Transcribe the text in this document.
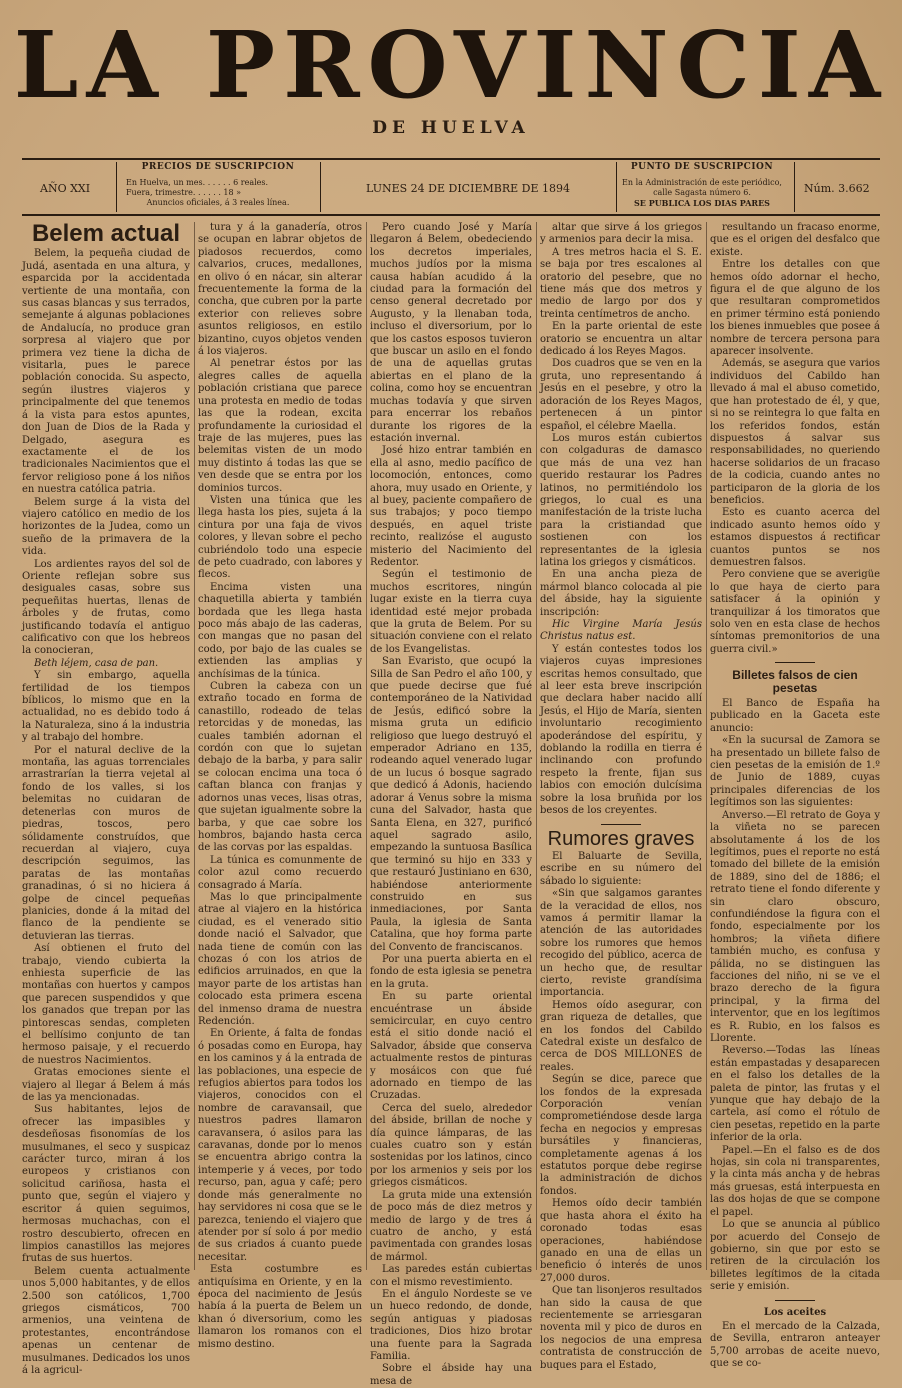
LA PROVINCIA
DE HUELVA
AÑO XXI
PRECIOS DE SUSCRIPCION
En Huelva, un mes. . . . . . 6 reales.
Fuera, trimestre. . . . . . 18 »
Anuncios oficiales, á 3 reales línea.
LUNES 24 DE DICIEMBRE DE 1894
PUNTO DE SUSCRIPCION
En la Administración de este periódico,
calle Sagasta número 6.
SE PUBLICA LOS DIAS PARES
Núm. 3.662
Belem actual

Belem, la pequeña ciudad de Judá, asentada en una altura, y esparcida por la accidentada vertiente de una montaña, con sus casas blancas y sus terrados, semejante á algunas poblaciones de Andalucía, no produce gran sorpresa al viajero que por primera vez tiene la dicha de visitarla, pues le parece población conocida. Su aspecto, según ilustres viajeros y principalmente del que tenemos á la vista para estos apuntes, don Juan de Dios de la Rada y Delgado, asegura es exactamente el de los tradicionales Nacimientos que el fervor religioso pone á los niños en nuestra católica patria.

Belem surge á la vista del viajero católico en medio de los horizontes de la Judea, como un sueño de la primavera de la vida.

Los ardientes rayos del sol de Oriente reflejan sobre sus desiguales casas, sobre sus pequeñitas huertas, llenas de árboles y de frutas, como justificando todavía el antiguo calificativo con que los hebreos la conocieran,

Beth léjem, casa de pan.

Y sin embargo, aquella fertilidad de los tiempos bíblicos, lo mismo que en la actualidad, no es debido todo á la Naturaleza, sino á la industria y al trabajo del hombre.

Por el natural declive de la montaña, las aguas torrenciales arrastrarían la tierra vejetal al fondo de los valles, si los belemitas no cuidaran de detenerlas con muros de piedras, toscos, pero sólidamente construídos, que recuerdan al viajero, cuya descripción seguimos, las paratas de las montañas granadinas, ó si no hiciera á golpe de cincel pequeñas planicies, donde á la mitad del flanco de la pendiente se detuvieran las tierras.

Así obtienen el fruto del trabajo, viendo cubierta la enhiesta superficie de las montañas con huertos y campos que parecen suspendidos y que los ganados que trepan por las pintorescas sendas, completen el bellísimo conjunto de tan hermoso paisaje, y el recuerdo de nuestros Nacimientos.

Gratas emociones siente el viajero al llegar á Belem á más de las ya mencionadas.

Sus habitantes, lejos de ofrecer las impasibles y desdeñosas fisonomías de los musulmanes, el seco y suspicaz carácter turco, miran á los europeos y cristianos con solicitud cariñosa, hasta el punto que, según el viajero y escritor á quien seguimos, hermosas muchachas, con el rostro descubierto, ofrecen en limpios canastillos las mejores frutas de sus huertos.

Belem cuenta actualmente unos 5,000 habitantes, y de ellos 2.500 son católicos, 1,700 griegos cismáticos, 700 armenios, una veintena de protestantes, encontrándose apenas un centenar de musulmanes. Dedicados los unos á la agricul-

tura y á la ganadería, otros se ocupan en labrar objetos de piadosos recuerdos, como calvarios, cruces, medallones, en olivo ó en nácar, sin alterar frecuentemente la forma de la concha, que cubren por la parte exterior con relieves sobre asuntos religiosos, en estilo bizantino, cuyos objetos venden á los viajeros.

Al penetrar éstos por las alegres calles de aquella población cristiana que parece una protesta en medio de todas las que la rodean, excita profundamente la curiosidad el traje de las mujeres, pues las belemitas visten de un modo muy distinto á todas las que se ven desde que se entra por los dominios turcos.

Visten una túnica que les llega hasta los pies, sujeta á la cintura por una faja de vivos colores, y llevan sobre el pecho cubriéndolo todo una especie de peto cuadrado, con labores y flecos.

Encima visten una chaquetilla abierta y también bordada que les llega hasta poco más abajo de las caderas, con mangas que no pasan del codo, por bajo de las cuales se extienden las amplias y anchísimas de la túnica.

Cubren la cabeza con un extraño tocado en forma de canastillo, rodeado de telas retorcidas y de monedas, las cuales también adornan el cordón con que lo sujetan debajo de la barba, y para salir se colocan encima una toca ó caftan blanca con franjas y adornos unas veces, lisas otras, que sujetan igualmente sobre la barba, y que cae sobre los hombros, bajando hasta cerca de las corvas por las espaldas.

La túnica es comunmente de color azul como recuerdo consagrado á María.

Mas lo que principalmente atrae al viajero en la histórica ciudad, es el venerado sitio donde nació el Salvador, que nada tiene de común con las chozas ó con los atrios de edificios arruinados, en que la mayor parte de los artistas han colocado esta primera escena del inmenso drama de nuestra Redención.

En Oriente, á falta de fondas ó posadas como en Europa, hay en los caminos y á la entrada de las poblaciones, una especie de refugios abiertos para todos los viajeros, conocidos con el nombre de caravansail, que nuestros padres llamaron caravansera, ó asilos para las caravanas, donde por lo menos se encuentra abrigo contra la intemperie y á veces, por todo recurso, pan, agua y café; pero donde más generalmente no hay servidores ni cosa que se le parezca, teniendo el viajero que atender por sí solo á por medio de sus criados á cuanto puede necesitar.

Esta costumbre es antiquísima en Oriente, y en la época del nacimiento de Jesús había á la puerta de Belem un khan ó diversorium, como les llamaron los romanos con el mismo destino.

Pero cuando José y María llegaron á Belem, obedeciendo los decretos imperiales, muchos judíos por la misma causa habían acudido á la ciudad para la formación del censo general decretado por Augusto, y la llenaban toda, incluso el diversorium, por lo que los castos esposos tuvieron que buscar un asilo en el fondo de una de aquellas grutas abiertas en el plano de la colina, como hoy se encuentran muchas todavía y que sirven para encerrar los rebaños durante los rigores de la estación invernal.

José hizo entrar también en ella al asno, medio pacífico de locomoción, entonces, como ahora, muy usado en Oriente, y al buey, paciente compañero de sus trabajos; y poco tiempo después, en aquel triste recinto, realizóse el augusto misterio del Nacimiento del Redentor.

Según el testimonio de muchos escritores, ningún lugar existe en la tierra cuya identidad esté mejor probada que la gruta de Belem. Por su situación conviene con el relato de los Evangelistas.

San Evaristo, que ocupó la Silla de San Pedro el año 100, y que puede decirse que fué contemporáneo de la Natividad de Jesús, edificó sobre la misma gruta un edificio religioso que luego destruyó el emperador Adriano en 135, rodeando aquel venerado lugar de un lucus ó bosque sagrado que dedicó á Adonis, haciendo adorar á Venus sobre la misma cuna del Salvador, hasta que Santa Elena, en 327, purificó aquel sagrado asilo, empezando la suntuosa Basílica que terminó su hijo en 333 y que restauró Justiniano en 630, habiéndose anteriormente construido en sus inmediaciones, por Santa Paula, la iglesia de Santa Catalina, que hoy forma parte del Convento de franciscanos.

Por una puerta abierta en el fondo de esta iglesia se penetra en la gruta.

En su parte oriental encuéntrase un ábside semicircular, en cuyo centro está el sitio donde nació el Salvador, ábside que conserva actualmente restos de pinturas y mosáicos con que fué adornado en tiempo de las Cruzadas.

Cerca del suelo, alrededor del ábside, brillan de noche y día quince lámparas, de las cuales cuatro son y están sostenidas por los latinos, cinco por los armenios y seis por los griegos cismáticos.

La gruta mide una extensión de poco más de diez metros y medio de largo y de tres á cuatro de ancho, y está pavimentada con grandes losas de mármol.

Las paredes están cubiertas con el mismo revestimiento.

En el ángulo Nordeste se ve un hueco redondo, de donde, según antiguas y piadosas tradiciones, Dios hizo brotar una fuente para la Sagrada Familia.

Sobre el ábside hay una mesa de

altar que sirve á los griegos y armenios para decir la misa.

A tres metros hacia el S. E. se baja por tres escalones al oratorio del pesebre, que no tiene más que dos metros y medio de largo por dos y treinta centímetros de ancho.

En la parte oriental de este oratorio se encuentra un altar dedicado á los Reyes Magos.

Dos cuadros que se ven en la gruta, uno representando á Jesús en el pesebre, y otro la adoración de los Reyes Magos, pertenecen á un pintor español, el célebre Maella.

Los muros están cubiertos con colgaduras de damasco que más de una vez han querido restaurar los Padres latinos, no permitiéndolo los griegos, lo cual es una manifestación de la triste lucha para la cristiandad que sostienen con los representantes de la iglesia latina los griegos y cismáticos.

En una ancha pieza de mármol blanco colocada al pie del ábside, hay la siguiente inscripción:

Hic Virgine María Jesús Christus natus est.

Y están contestes todos los viajeros cuyas impresiones escritas hemos consultado, que al leer esta breve inscripción que declara haber nacido allí Jesús, el Hijo de María, sienten involuntario recogimiento apoderándose del espíritu, y doblando la rodilla en tierra é inclinando con profundo respeto la frente, fijan sus labios con emoción dulcísima sobre la losa bruñida por los besos de los creyentes.

Rumores graves

El Baluarte de Sevilla, escribe en su número del sábado lo siguiente:

«Sin que salgamos garantes de la veracidad de ellos, nos vamos á permitir llamar la atención de las autoridades sobre los rumores que hemos recogido del público, acerca de un hecho que, de resultar cierto, reviste grandísima importancia.

Hemos oído asegurar, con gran riqueza de detalles, que en los fondos del Cabildo Catedral existe un desfalco de cerca de DOS MILLONES de reales.

Según se dice, parece que los fondos de la expresada Corporación venían comprometiéndose desde larga fecha en negocios y empresas bursátiles y financieras, completamente agenas á los estatutos porque debe regirse la administración de dichos fondos.

Hemos oído decir también que hasta ahora el éxito ha coronado todas esas operaciones, habiéndose ganado en una de ellas un beneficio ó interés de unos 27,000 duros.

Que tan lisonjeros resultados han sido la causa de que recientemente se arriesgaran noventa mil y pico de duros en los negocios de una empresa contratista de construcción de buques para el Estado,

resultando un fracaso enorme, que es el origen del desfalco que existe.

Entre los detalles con que hemos oído adornar el hecho, figura el de que alguno de los que resultaran comprometidos en primer término está poniendo los bienes inmuebles que posee á nombre de tercera persona para aparecer insolvente.

Además, se asegura que varios individuos del Cabildo han llevado á mal el abuso cometido, que han protestado de él, y que, si no se reintegra lo que falta en los referidos fondos, están dispuestos á salvar sus responsabilidades, no queriendo hacerse solidarios de un fracaso de la codicia, cuando antes no participaron de la gloria de los beneficios.

Esto es cuanto acerca del indicado asunto hemos oído y estamos dispuestos á rectificar cuantos puntos se nos demuestren falsos.

Pero conviene que se averigüe lo que haya de cierto para satisfacer á la opinión y tranquilizar á los timoratos que solo ven en esta clase de hechos síntomas premonitorios de una guerra civil.»

Billetes falsos de cien pesetas

El Banco de España ha publicado en la Gaceta este anuncio:

«En la sucursal de Zamora se ha presentado un billete falso de cien pesetas de la emisión de 1.º de Junio de 1889, cuyas principales diferencias de los legítimos son las siguientes:

Anverso.—El retrato de Goya y la viñeta no se parecen absolutamente á los de los legítimos, pues el reporte no está tomado del billete de la emisión de 1889, sino del de 1886; el retrato tiene el fondo diferente y sin claro obscuro, confundiéndose la figura con el fondo, especialmente por los hombros; la viñeta difiere también mucho, es confusa y pálida, no se distinguen las facciones del niño, ni se ve el brazo derecho de la figura principal, y la firma del interventor, que en los legítimos es R. Rubio, en los falsos es Llorente.

Reverso.—Todas las líneas están empastadas y desaparecen en el falso los detalles de la paleta de pintor, las frutas y el yunque que hay debajo de la cartela, así como el rótulo de cien pesetas, repetido en la parte inferior de la orla.

Papel.—En el falso es de dos hojas, sin cola ni transparentes, y la cinta más ancha y de hebras más gruesas, está interpuesta en las dos hojas de que se compone el papel.

Lo que se anuncia al público por acuerdo del Consejo de gobierno, sin que por esto se retiren de la circulación los billetes legítimos de la citada serie y emisión.

Los aceites

En el mercado de la Calzada, de Sevilla, entraron anteayer 5,700 arrobas de aceite nuevo, que se co-
